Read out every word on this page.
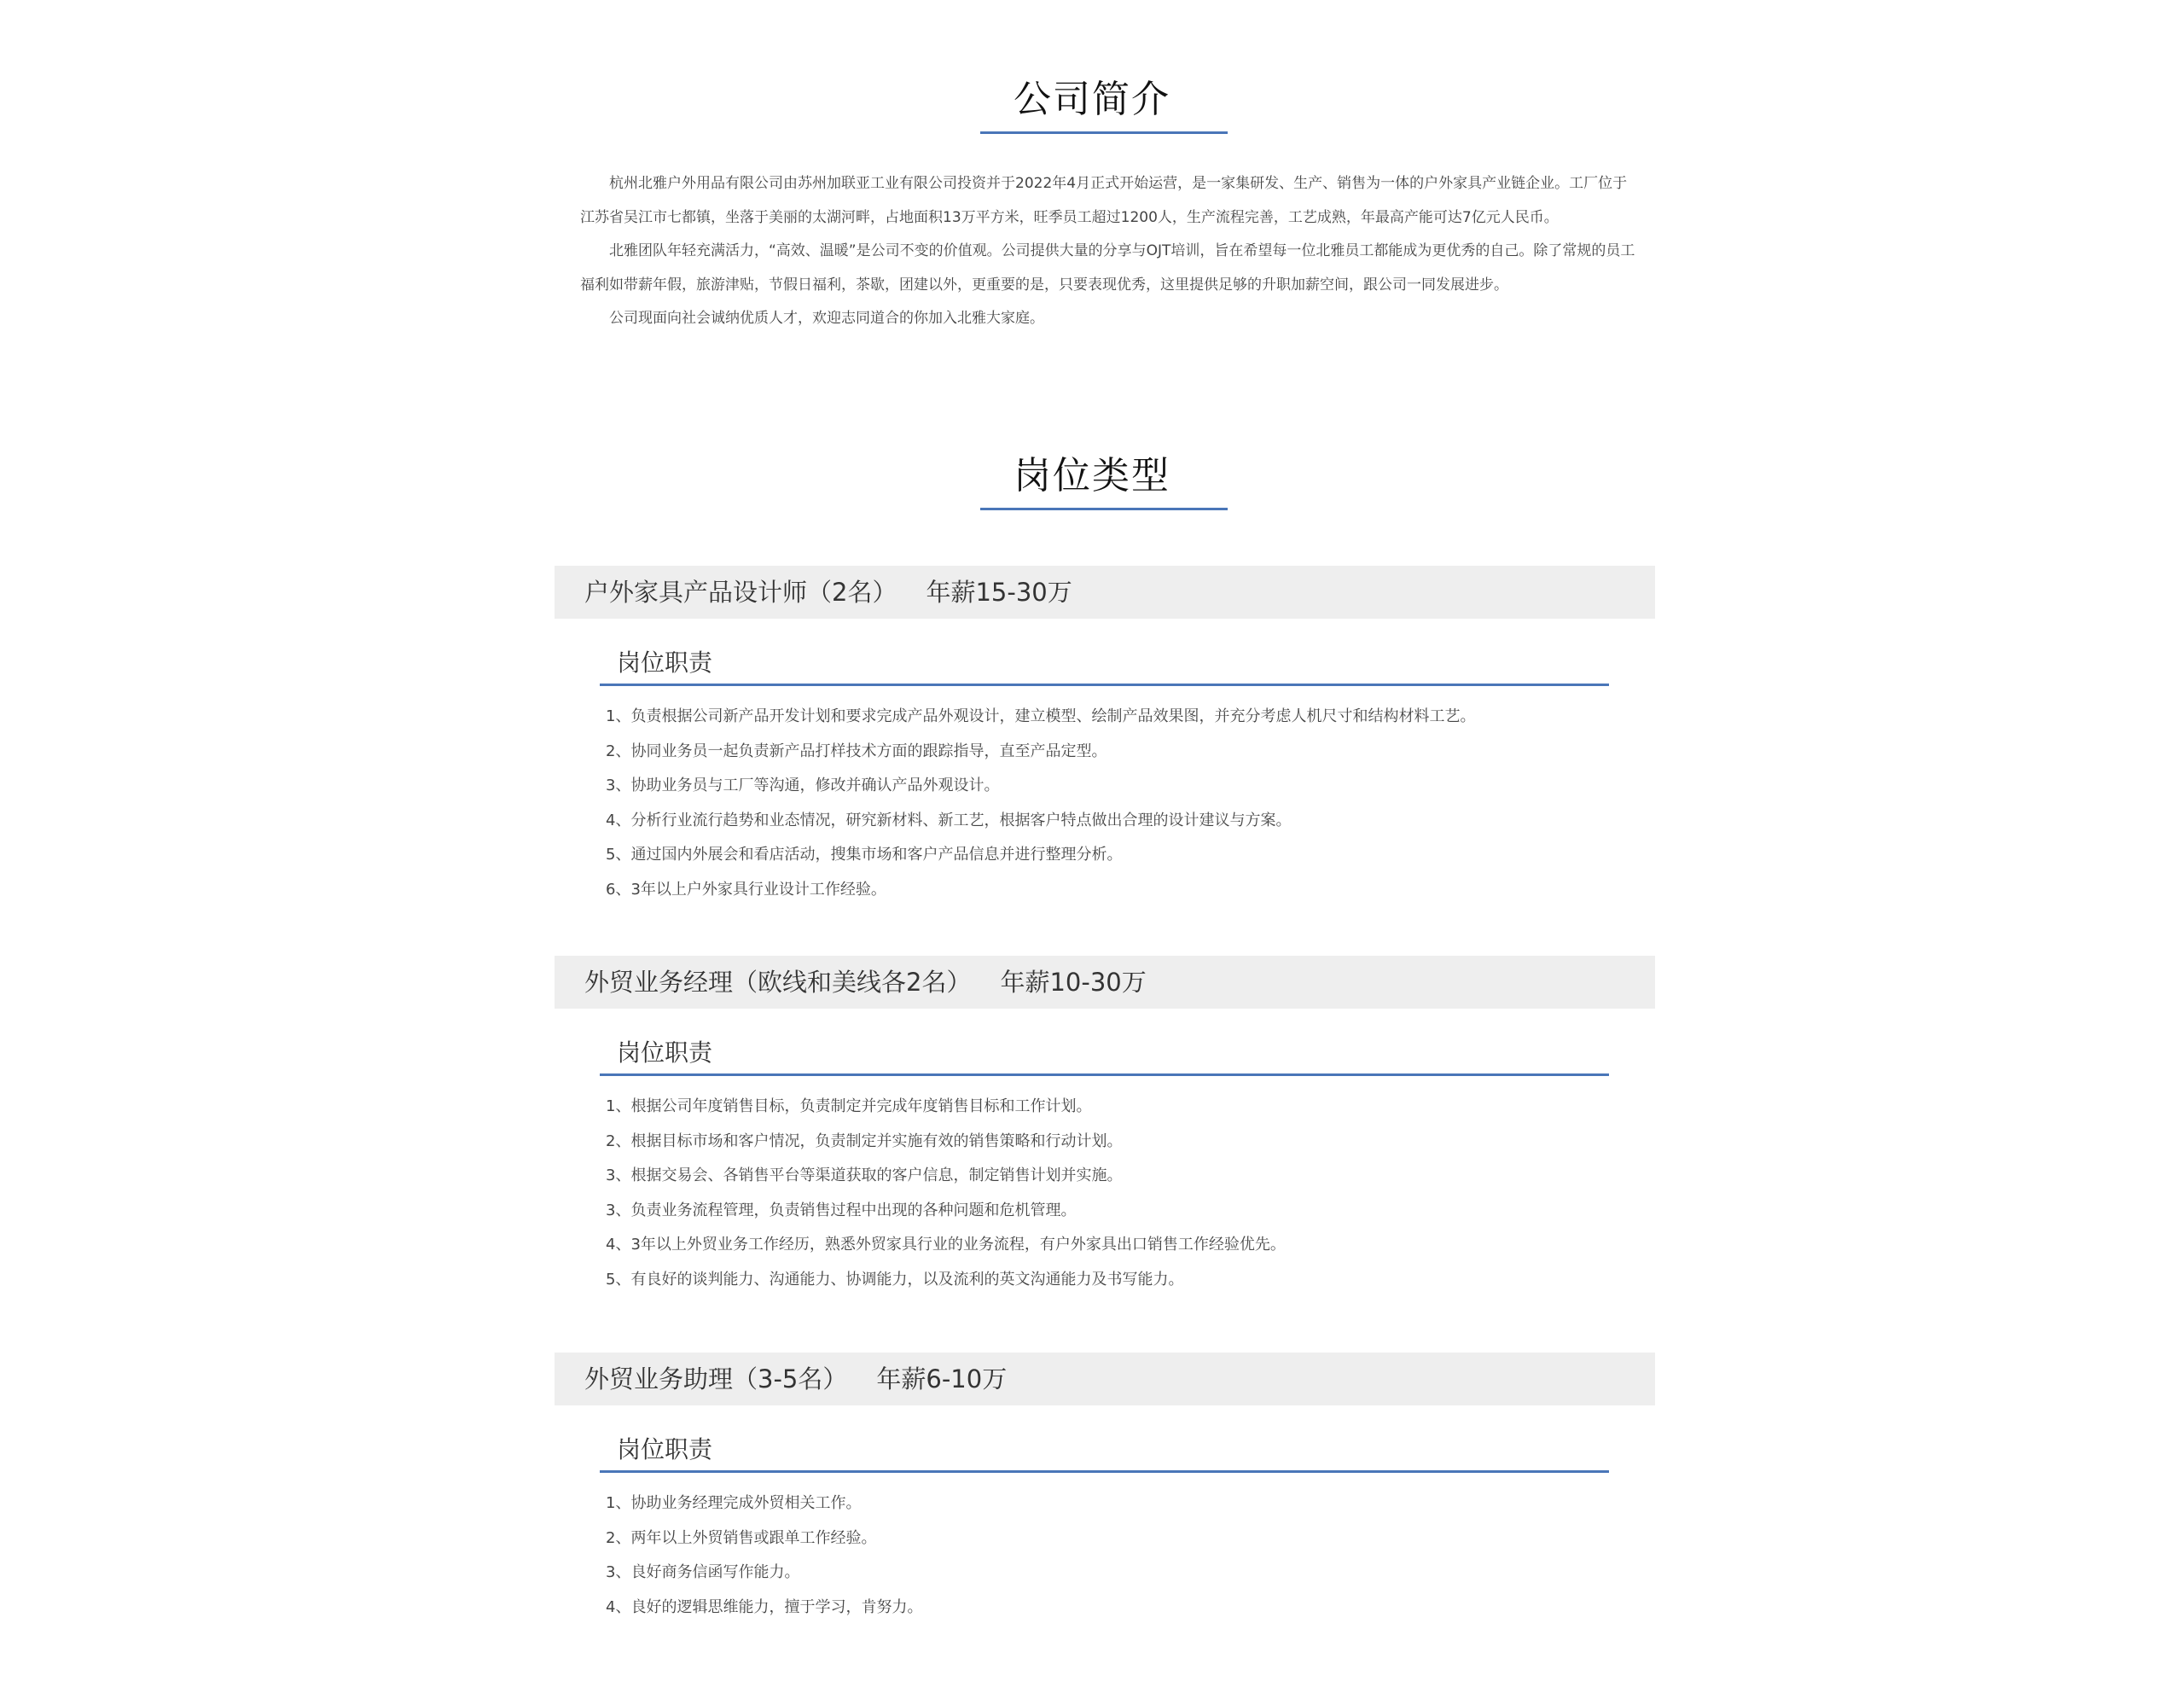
公司简介

杭州北雅户外用品有限公司由苏州加联亚工业有限公司投资并于2022年4月正式开始运营，是一家集研发、生产、销售为一体的户外家具产业链企业。工厂位于江苏省吴江市七都镇，坐落于美丽的太湖河畔，占地面积13万平方米，旺季员工超过1200人，生产流程完善，工艺成熟，年最高产能可达7亿元人民币。

北雅团队年轻充满活力，“高效、温暖”是公司不变的价值观。公司提供大量的分享与OJT培训，旨在希望每一位北雅员工都能成为更优秀的自己。除了常规的员工福利如带薪年假，旅游津贴，节假日福利，茶歇，团建以外，更重要的是，只要表现优秀，这里提供足够的升职加薪空间，跟公司一同发展进步。

公司现面向社会诚纳优质人才，欢迎志同道合的你加入北雅大家庭。

岗位类型
户外家具产品设计师（2名） 年薪15-30万
岗位职责
1、负责根据公司新产品开发计划和要求完成产品外观设计，建立模型、绘制产品效果图，并充分考虑人机尺寸和结构材料工艺。
2、协同业务员一起负责新产品打样技术方面的跟踪指导，直至产品定型。
3、协助业务员与工厂等沟通，修改并确认产品外观设计。
4、分析行业流行趋势和业态情况，研究新材料、新工艺，根据客户特点做出合理的设计建议与方案。
5、通过国内外展会和看店活动，搜集市场和客户产品信息并进行整理分析。
6、3年以上户外家具行业设计工作经验。
外贸业务经理（欧线和美线各2名） 年薪10-30万
岗位职责
1、根据公司年度销售目标，负责制定并完成年度销售目标和工作计划。
2、根据目标市场和客户情况，负责制定并实施有效的销售策略和行动计划。
3、根据交易会、各销售平台等渠道获取的客户信息，制定销售计划并实施。
3、负责业务流程管理，负责销售过程中出现的各种问题和危机管理。
4、3年以上外贸业务工作经历，熟悉外贸家具行业的业务流程，有户外家具出口销售工作经验优先。
5、有良好的谈判能力、沟通能力、协调能力，以及流利的英文沟通能力及书写能力。
外贸业务助理（3-5名） 年薪6-10万
岗位职责
1、协助业务经理完成外贸相关工作。
2、两年以上外贸销售或跟单工作经验。
3、良好商务信函写作能力。
4、良好的逻辑思维能力，擅于学习，肯努力。
